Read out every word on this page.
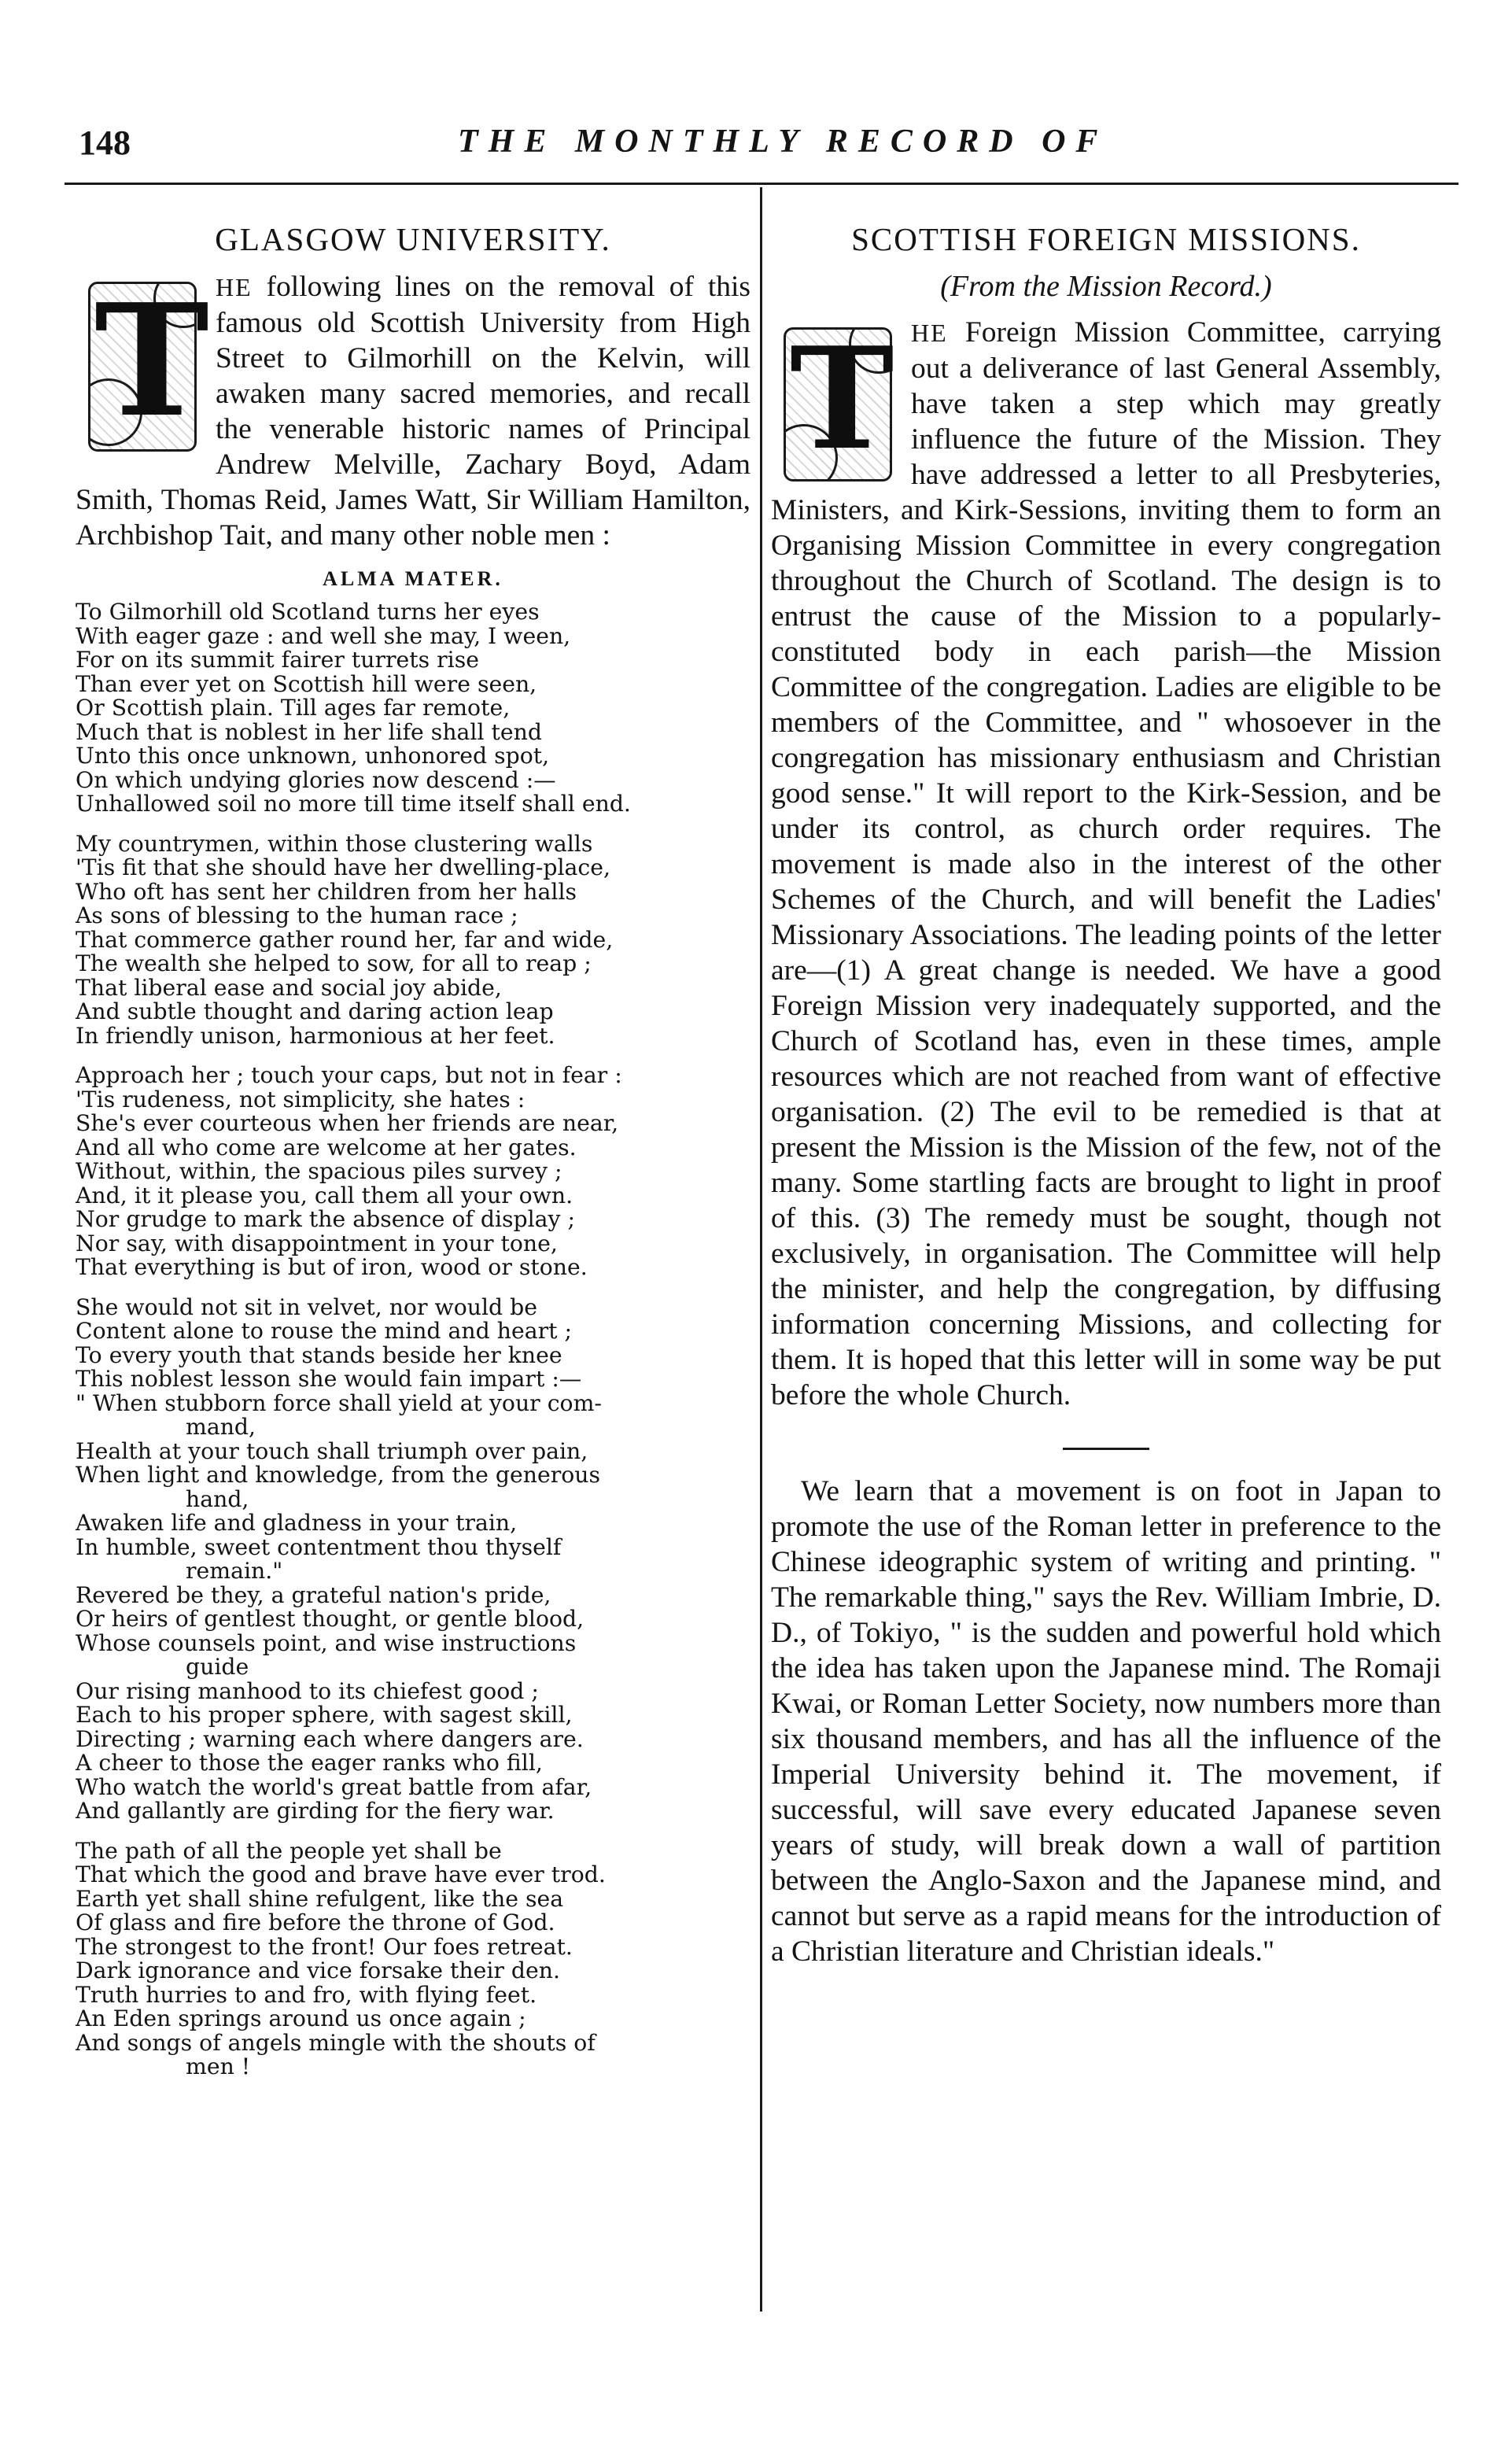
148	THE MONTHLY RECORD OF
GLASGOW UNIVERSITY.

T HE following lines on the removal of this famous old Scottish University from High Street to Gilmorhill on the Kelvin, will awaken many sacred memories, and recall the venerable historic names of Principal Andrew Melville, Zachary Boyd, Adam Smith, Thomas Reid, James Watt, Sir William Hamilton, Archbishop Tait, and many other noble men :

ALMA MATER.
To Gilmorhill old Scotland turns her eyes
With eager gaze : and well she may, I ween,
For on its summit fairer turrets rise
Than ever yet on Scottish hill were seen,
Or Scottish plain. Till ages far remote,
Much that is noblest in her life shall tend
Unto this once unknown, unhonored spot,
On which undying glories now descend :—
Unhallowed soil no more till time itself shall end.
My countrymen, within those clustering walls
'Tis fit that she should have her dwelling-place,
Who oft has sent her children from her halls
As sons of blessing to the human race ;
That commerce gather round her, far and wide,
The wealth she helped to sow, for all to reap ;
That liberal ease and social joy abide,
And subtle thought and daring action leap
In friendly unison, harmonious at her feet.
Approach her ; touch your caps, but not in fear :
'Tis rudeness, not simplicity, she hates :
She's ever courteous when her friends are near,
And all who come are welcome at her gates.
Without, within, the spacious piles survey ;
And, it it please you, call them all your own.
Nor grudge to mark the absence of display ;
Nor say, with disappointment in your tone,
That everything is but of iron, wood or stone.
She would not sit in velvet, nor would be
Content alone to rouse the mind and heart ;
To every youth that stands beside her knee
This noblest lesson she would fain impart :—
" When stubborn force shall yield at your com-
mand,
Health at your touch shall triumph over pain,
When light and knowledge, from the generous
hand,
Awaken life and gladness in your train,
In humble, sweet contentment thou thyself
remain."
Revered be they, a grateful nation's pride,
Or heirs of gentlest thought, or gentle blood,
Whose counsels point, and wise instructions
guide
Our rising manhood to its chiefest good ;
Each to his proper sphere, with sagest skill,
Directing ; warning each where dangers are.
A cheer to those the eager ranks who fill,
Who watch the world's great battle from afar,
And gallantly are girding for the fiery war.
The path of all the people yet shall be
That which the good and brave have ever trod.
Earth yet shall shine refulgent, like the sea
Of glass and fire before the throne of God.
The strongest to the front! Our foes retreat.
Dark ignorance and vice forsake their den.
Truth hurries to and fro, with flying feet.
An Eden springs around us once again ;
And songs of angels mingle with the shouts of
men !
SCOTTISH FOREIGN MISSIONS.
(From the Mission Record.)

T HE Foreign Mission Committee, carrying out a deliverance of last General Assembly, have taken a step which may greatly influence the future of the Mission. They have addressed a letter to all Presbyteries, Ministers, and Kirk-Sessions, inviting them to form an Organising Mission Committee in every congregation throughout the Church of Scotland. The design is to entrust the cause of the Mission to a popularly-constituted body in each parish—the Mission Committee of the congregation. Ladies are eligible to be members of the Committee, and " whosoever in the congregation has missionary enthusiasm and Christian good sense." It will report to the Kirk-Session, and be under its control, as church order requires. The movement is made also in the interest of the other Schemes of the Church, and will benefit the Ladies' Missionary Associations. The leading points of the letter are—(1) A great change is needed. We have a good Foreign Mission very inadequately supported, and the Church of Scotland has, even in these times, ample resources which are not reached from want of effective organisation. (2) The evil to be remedied is that at present the Mission is the Mission of the few, not of the many. Some startling facts are brought to light in proof of this. (3) The remedy must be sought, though not exclusively, in organisation. The Committee will help the minister, and help the congregation, by diffusing information concerning Missions, and collecting for them. It is hoped that this letter will in some way be put before the whole Church.

We learn that a movement is on foot in Japan to promote the use of the Roman letter in preference to the Chinese ideographic system of writing and printing. " The remarkable thing," says the Rev. William Imbrie, D. D., of Tokiyo, " is the sudden and powerful hold which the idea has taken upon the Japanese mind. The Romaji Kwai, or Roman Letter Society, now numbers more than six thousand members, and has all the influence of the Imperial University behind it. The movement, if successful, will save every educated Japanese seven years of study, will break down a wall of partition between the Anglo-Saxon and the Japanese mind, and cannot but serve as a rapid means for the introduction of a Christian literature and Christian ideals."
